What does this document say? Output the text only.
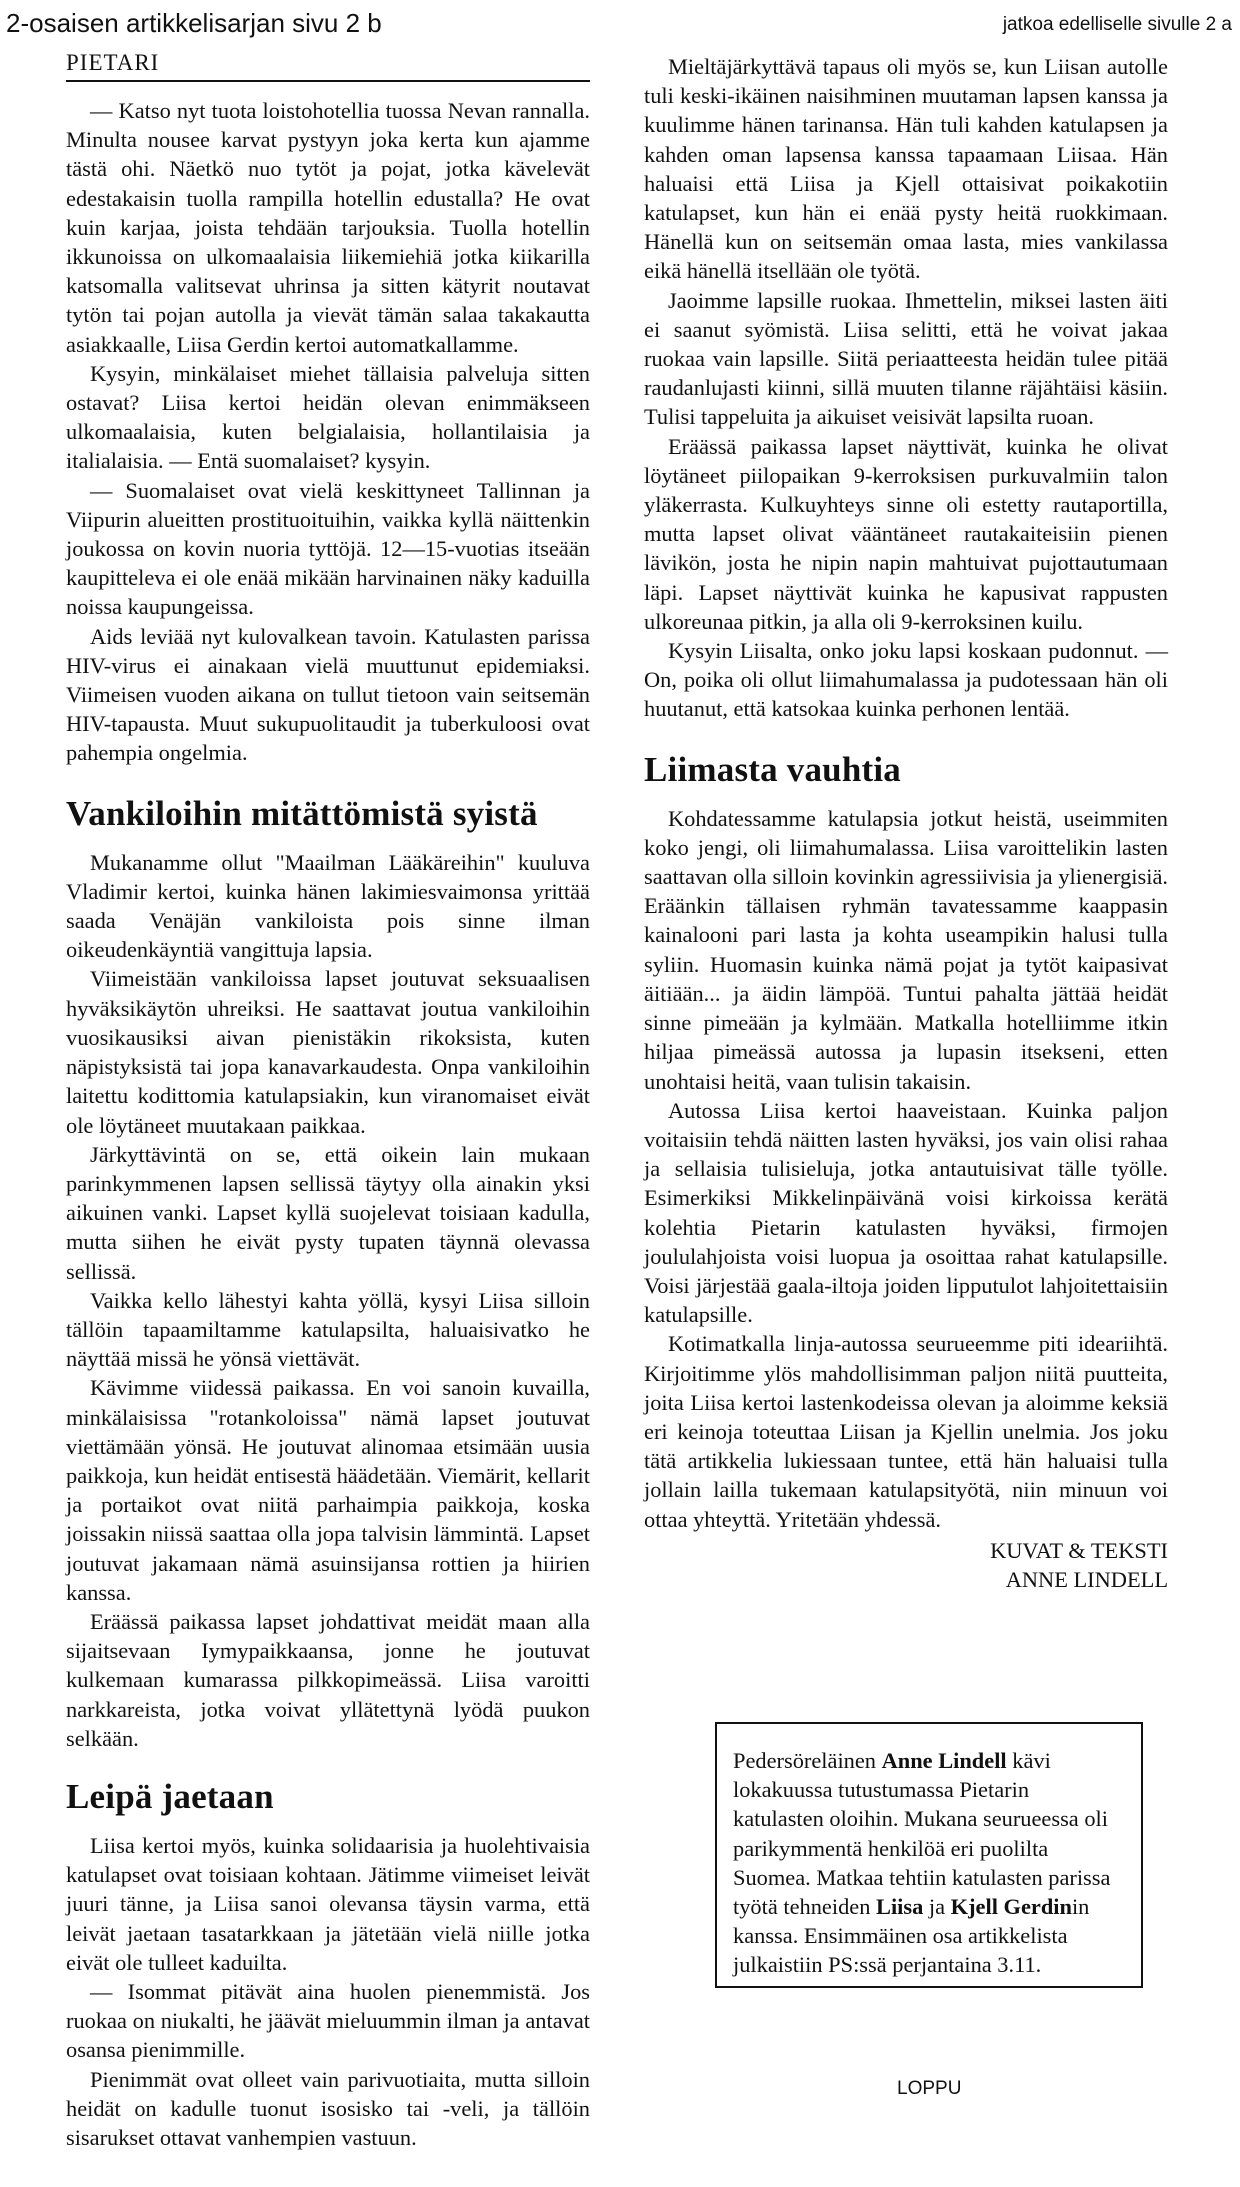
2-osaisen artikkelisarjan sivu 2 b	jatkoa edelliselle sivulle 2 a
PIETARI

— Katso nyt tuota loistohotellia tuossa Nevan rannalla. Minulta nousee karvat pystyyn joka kerta kun ajamme tästä ohi. Näetkö nuo tytöt ja pojat, jotka kävelevät edestakaisin tuolla rampilla hotellin edustalla? He ovat kuin karjaa, joista tehdään tarjouksia. Tuolla hotellin ikkunoissa on ulkomaalaisia liikemiehiä jotka kiikarilla katsomalla valitsevat uhrinsa ja sitten kätyrit noutavat tytön tai pojan autolla ja vievät tämän salaa takakautta asiakkaalle, Liisa Gerdin kertoi automatkallamme.

Kysyin, minkälaiset miehet tällaisia palveluja sitten ostavat? Liisa kertoi heidän olevan enimmäkseen ulkomaalaisia, kuten belgialaisia, hollantilaisia ja italialaisia. — Entä suomalaiset? kysyin.

— Suomalaiset ovat vielä keskittyneet Tallinnan ja Viipurin alueitten prostituoituihin, vaikka kyllä näittenkin joukossa on kovin nuoria tyttöjä. 12—15-vuotias itseään kaupitteleva ei ole enää mikään harvinainen näky kaduilla noissa kaupungeissa.

Aids leviää nyt kulovalkean tavoin. Katulasten parissa HIV-virus ei ainakaan vielä muuttunut epidemiaksi. Viimeisen vuoden aikana on tullut tietoon vain seitsemän HIV-tapausta. Muut sukupuolitaudit ja tuberkuloosi ovat pahempia ongelmia.

Vankiloihin mitättömistä syistä

Mukanamme ollut "Maailman Lääkäreihin" kuuluva Vladimir kertoi, kuinka hänen lakimiesvaimonsa yrittää saada Venäjän vankiloista pois sinne ilman oikeudenkäyntiä vangittuja lapsia.

Viimeistään vankiloissa lapset joutuvat seksuaalisen hyväksikäytön uhreiksi. He saattavat joutua vankiloihin vuosikausiksi aivan pienistäkin rikoksista, kuten näpistyksistä tai jopa kanavarkaudesta. Onpa vankiloihin laitettu kodittomia katulapsiakin, kun viranomaiset eivät ole löytäneet muutakaan paikkaa.

Järkyttävintä on se, että oikein lain mukaan parinkymmenen lapsen sellissä täytyy olla ainakin yksi aikuinen vanki. Lapset kyllä suojelevat toisiaan kadulla, mutta siihen he eivät pysty tupaten täynnä olevassa sellissä.

Vaikka kello lähestyi kahta yöllä, kysyi Liisa silloin tällöin tapaamiltamme katulapsilta, haluaisivatko he näyttää missä he yönsä viettävät.

Kävimme viidessä paikassa. En voi sanoin kuvailla, minkälaisissa "rotankoloissa" nämä lapset joutuvat viettämään yönsä. He joutuvat alinomaa etsimään uusia paikkoja, kun heidät entisestä häädetään. Viemärit, kellarit ja portaikot ovat niitä parhaimpia paikkoja, koska joissakin niissä saattaa olla jopa talvisin lämmintä. Lapset joutuvat jakamaan nämä asuinsijansa rottien ja hiirien kanssa.

Eräässä paikassa lapset johdattivat meidät maan alla sijaitsevaan Iymypaikkaansa, jonne he joutuvat kulkemaan kumarassa pilkkopimeässä. Liisa varoitti narkkareista, jotka voivat yllätettynä lyödä puukon selkään.

Leipä jaetaan

Liisa kertoi myös, kuinka solidaarisia ja huolehtivaisia katulapset ovat toisiaan kohtaan. Jätimme viimeiset leivät juuri tänne, ja Liisa sanoi olevansa täysin varma, että leivät jaetaan tasatarkkaan ja jätetään vielä niille jotka eivät ole tulleet kaduilta.

— Isommat pitävät aina huolen pienemmistä. Jos ruokaa on niukalti, he jäävät mieluummin ilman ja antavat osansa pienimmille.

Pienimmät ovat olleet vain parivuotiaita, mutta silloin heidät on kadulle tuonut isosisko tai -veli, ja tällöin sisarukset ottavat vanhempien vastuun.

Mieltäjärkyttävä tapaus oli myös se, kun Liisan autolle tuli keski-ikäinen naisihminen muutaman lapsen kanssa ja kuulimme hänen tarinansa. Hän tuli kahden katulapsen ja kahden oman lapsensa kanssa tapaamaan Liisaa. Hän haluaisi että Liisa ja Kjell ottaisivat poikakotiin katulapset, kun hän ei enää pysty heitä ruokkimaan. Hänellä kun on seitsemän omaa lasta, mies vankilassa eikä hänellä itsellään ole työtä.

Jaoimme lapsille ruokaa. Ihmettelin, miksei lasten äiti ei saanut syömistä. Liisa selitti, että he voivat jakaa ruokaa vain lapsille. Siitä periaatteesta heidän tulee pitää raudanlujasti kiinni, sillä muuten tilanne räjähtäisi käsiin. Tulisi tappeluita ja aikuiset veisivät lapsilta ruoan.

Eräässä paikassa lapset näyttivät, kuinka he olivat löytäneet piilopaikan 9-kerroksisen purkuvalmiin talon yläkerrasta. Kulkuyhteys sinne oli estetty rautaportilla, mutta lapset olivat vääntäneet rautakaiteisiin pienen lävikön, josta he nipin napin mahtuivat pujottautumaan läpi. Lapset näyttivät kuinka he kapusivat rappusten ulkoreunaa pitkin, ja alla oli 9-kerroksinen kuilu.

Kysyin Liisalta, onko joku lapsi koskaan pudonnut. — On, poika oli ollut liimahumalassa ja pudotessaan hän oli huutanut, että katsokaa kuinka perhonen lentää.

Liimasta vauhtia

Kohdatessamme katulapsia jotkut heistä, useimmiten koko jengi, oli liimahumalassa. Liisa varoittelikin lasten saattavan olla silloin kovinkin agressiivisia ja ylienergisiä. Eräänkin tällaisen ryhmän tavatessamme kaappasin kainalooni pari lasta ja kohta useampikin halusi tulla syliin. Huomasin kuinka nämä pojat ja tytöt kaipasivat äitiään... ja äidin lämpöä. Tuntui pahalta jättää heidät sinne pimeään ja kylmään. Matkalla hotelliimme itkin hiljaa pimeässä autossa ja lupasin itsekseni, etten unohtaisi heitä, vaan tulisin takaisin.

Autossa Liisa kertoi haaveistaan. Kuinka paljon voitaisiin tehdä näitten lasten hyväksi, jos vain olisi rahaa ja sellaisia tulisieluja, jotka antautuisivat tälle työlle. Esimerkiksi Mikkelinpäivänä voisi kirkoissa kerätä kolehtia Pietarin katulasten hyväksi, firmojen joululahjoista voisi luopua ja osoittaa rahat katulapsille. Voisi järjestää gaala-iltoja joiden lipputulot lahjoitettaisiin katulapsille.

Kotimatkalla linja-autossa seurueemme piti ideariihtä. Kirjoitimme ylös mahdollisimman paljon niitä puutteita, joita Liisa kertoi lastenkodeissa olevan ja aloimme keksiä eri keinoja toteuttaa Liisan ja Kjellin unelmia. Jos joku tätä artikkelia lukiessaan tuntee, että hän haluaisi tulla jollain lailla tukemaan katulapsityötä, niin minuun voi ottaa yhteyttä. Yritetään yhdessä.

KUVAT & TEKSTI
ANNE LINDELL
Pedersöreläinen Anne Lindell kävi lokakuussa tutustumassa Pietarin katulasten oloihin. Mukana seurueessa oli parikymmentä henkilöä eri puolilta Suomea. Matkaa tehtiin katulasten parissa työtä tehneiden Liisa ja Kjell Gerdinin kanssa. Ensimmäinen osa artikkelista julkaistiin PS:ssä perjantaina 3.11.
LOPPU
